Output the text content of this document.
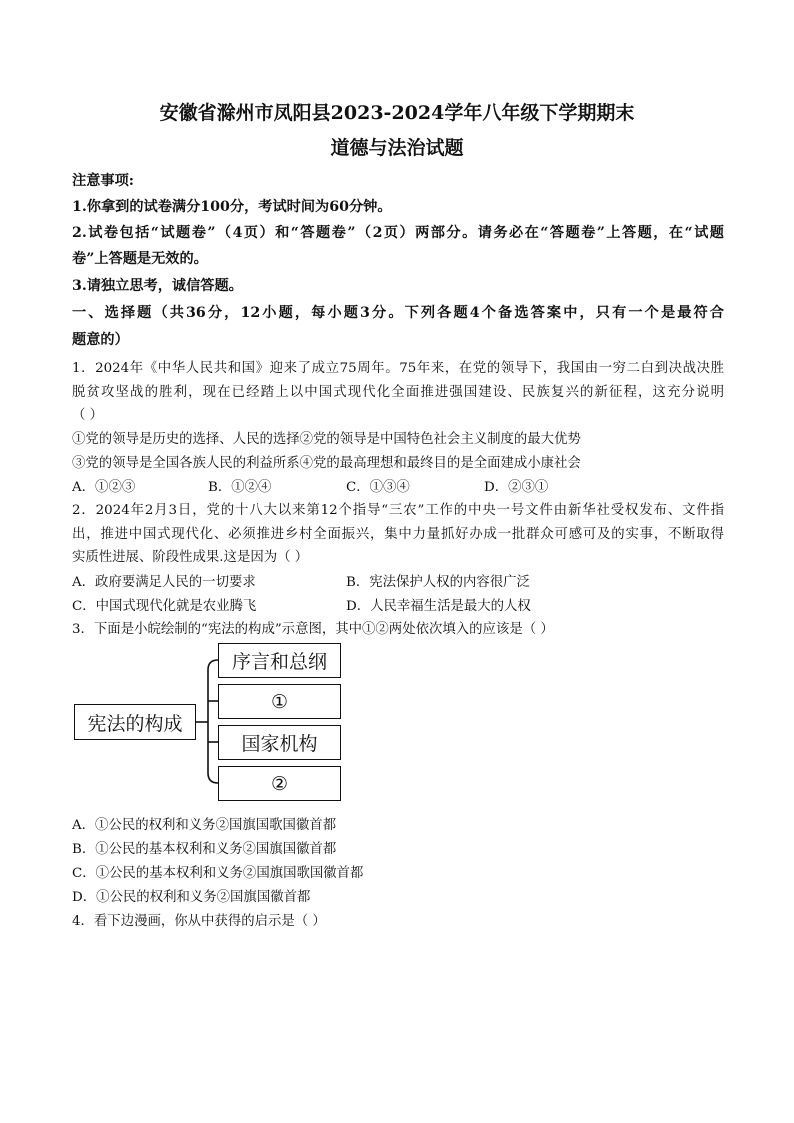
安徽省滁州市凤阳县2023-2024学年八年级下学期期末
道德与法治试题
注意事项:
1.你拿到的试卷满分100分，考试时间为60分钟。
2.试卷包括“试题卷”（4页）和“答题卷”（2页）两部分。请务必在“答题卷”上答题，在“试题
卷”上答题是无效的。
3.请独立思考，诚信答题。
一、选择题（共36分，12小题，每小题3分。下列各题4个备选答案中，只有一个是最符合
题意的）
1．2024年《中华人民共和国》迎来了成立75周年。75年来，在党的领导下，我国由一穷二白到决战决胜
脱贫攻坚战的胜利，现在已经踏上以中国式现代化全面推进强国建设、民族复兴的新征程，这充分说明
（ ）
①党的领导是历史的选择、人民的选择②党的领导是中国特色社会主义制度的最大优势
③党的领导是全国各族人民的利益所系④党的最高理想和最终目的是全面建成小康社会
A．①②③	B．①②④	C．①③④	D．②③①
2．2024年2月3日，党的十八大以来第12个指导“三农”工作的中央一号文件由新华社受权发布、文件指
出，推进中国式现代化、必须推进乡村全面振兴，集中力量抓好办成一批群众可感可及的实事，不断取得
实质性进展、阶段性成果.这是因为（ ）
A．政府要满足人民的一切要求	B．宪法保护人权的内容很广泛
C．中国式现代化就是农业腾飞	D．人民幸福生活是最大的人权
3．下面是小皖绘制的“宪法的构成”示意图，其中①②两处依次填入的应该是（ ）
宪法的构成
序言和总纲
①
国家机构
②
A．①公民的权利和义务②国旗国歌国徽首都
B．①公民的基本权利和义务②国旗国徽首都
C．①公民的基本权利和义务②国旗国歌国徽首都
D．①公民的权利和义务②国旗国徽首都
4．看下边漫画，你从中获得的启示是（ ）
